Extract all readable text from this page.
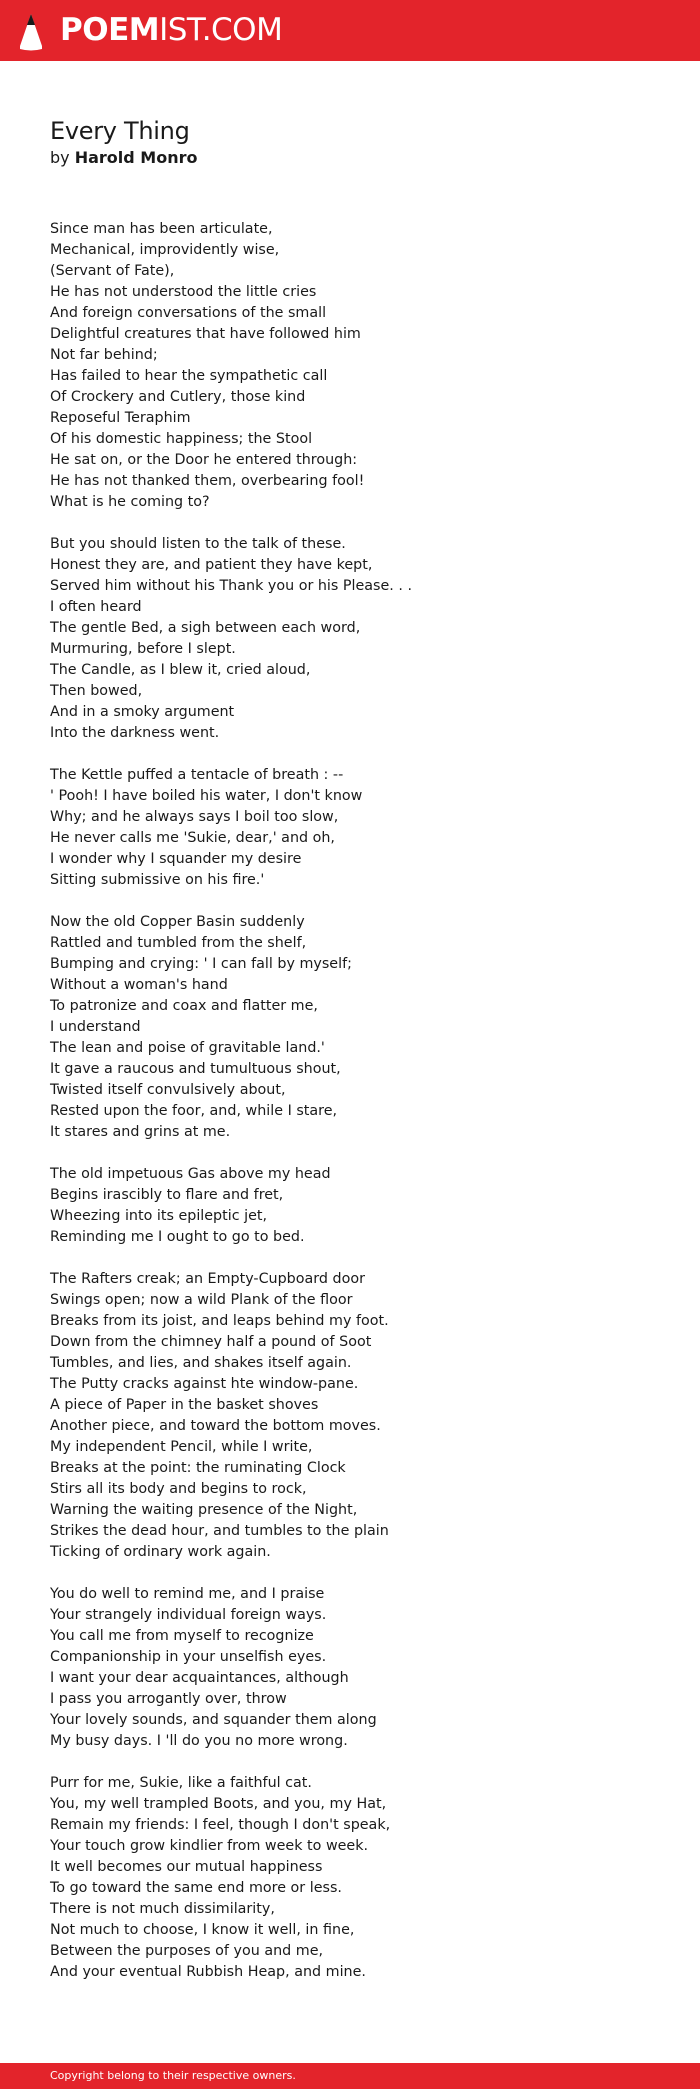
POEMIST.COM
Every Thing
by Harold Monro
Since man has been articulate,
Mechanical, improvidently wise,
(Servant of Fate),
He has not understood the little cries
And foreign conversations of the small
Delightful creatures that have followed him
Not far behind;
Has failed to hear the sympathetic call
Of Crockery and Cutlery, those kind
Reposeful Teraphim
Of his domestic happiness; the Stool
He sat on, or the Door he entered through:
He has not thanked them, overbearing fool!
What is he coming to?
But you should listen to the talk of these.
Honest they are, and patient they have kept,
Served him without his Thank you or his Please. . .
I often heard
The gentle Bed, a sigh between each word,
Murmuring, before I slept.
The Candle, as I blew it, cried aloud,
Then bowed,
And in a smoky argument
Into the darkness went.
The Kettle puffed a tentacle of breath : --
' Pooh! I have boiled his water, I don't know
Why; and he always says I boil too slow,
He never calls me 'Sukie, dear,' and oh,
I wonder why I squander my desire
Sitting submissive on his fire.'
Now the old Copper Basin suddenly
Rattled and tumbled from the shelf,
Bumping and crying: ' I can fall by myself;
Without a woman's hand
To patronize and coax and flatter me,
I understand
The lean and poise of gravitable land.'
It gave a raucous and tumultuous shout,
Twisted itself convulsively about,
Rested upon the foor, and, while I stare,
It stares and grins at me.
The old impetuous Gas above my head
Begins irascibly to flare and fret,
Wheezing into its epileptic jet,
Reminding me I ought to go to bed.
The Rafters creak; an Empty-Cupboard door
Swings open; now a wild Plank of the floor
Breaks from its joist, and leaps behind my foot.
Down from the chimney half a pound of Soot
Tumbles, and lies, and shakes itself again.
The Putty cracks against hte window-pane.
A piece of Paper in the basket shoves
Another piece, and toward the bottom moves.
My independent Pencil, while I write,
Breaks at the point: the ruminating Clock
Stirs all its body and begins to rock,
Warning the waiting presence of the Night,
Strikes the dead hour, and tumbles to the plain
Ticking of ordinary work again.
You do well to remind me, and I praise
Your strangely individual foreign ways.
You call me from myself to recognize
Companionship in your unselfish eyes.
I want your dear acquaintances, although
I pass you arrogantly over, throw
Your lovely sounds, and squander them along
My busy days. I 'll do you no more wrong.
Purr for me, Sukie, like a faithful cat.
You, my well trampled Boots, and you, my Hat,
Remain my friends: I feel, though I don't speak,
Your touch grow kindlier from week to week.
It well becomes our mutual happiness
To go toward the same end more or less.
There is not much dissimilarity,
Not much to choose, I know it well, in fine,
Between the purposes of you and me,
And your eventual Rubbish Heap, and mine.
Copyright belong to their respective owners.
